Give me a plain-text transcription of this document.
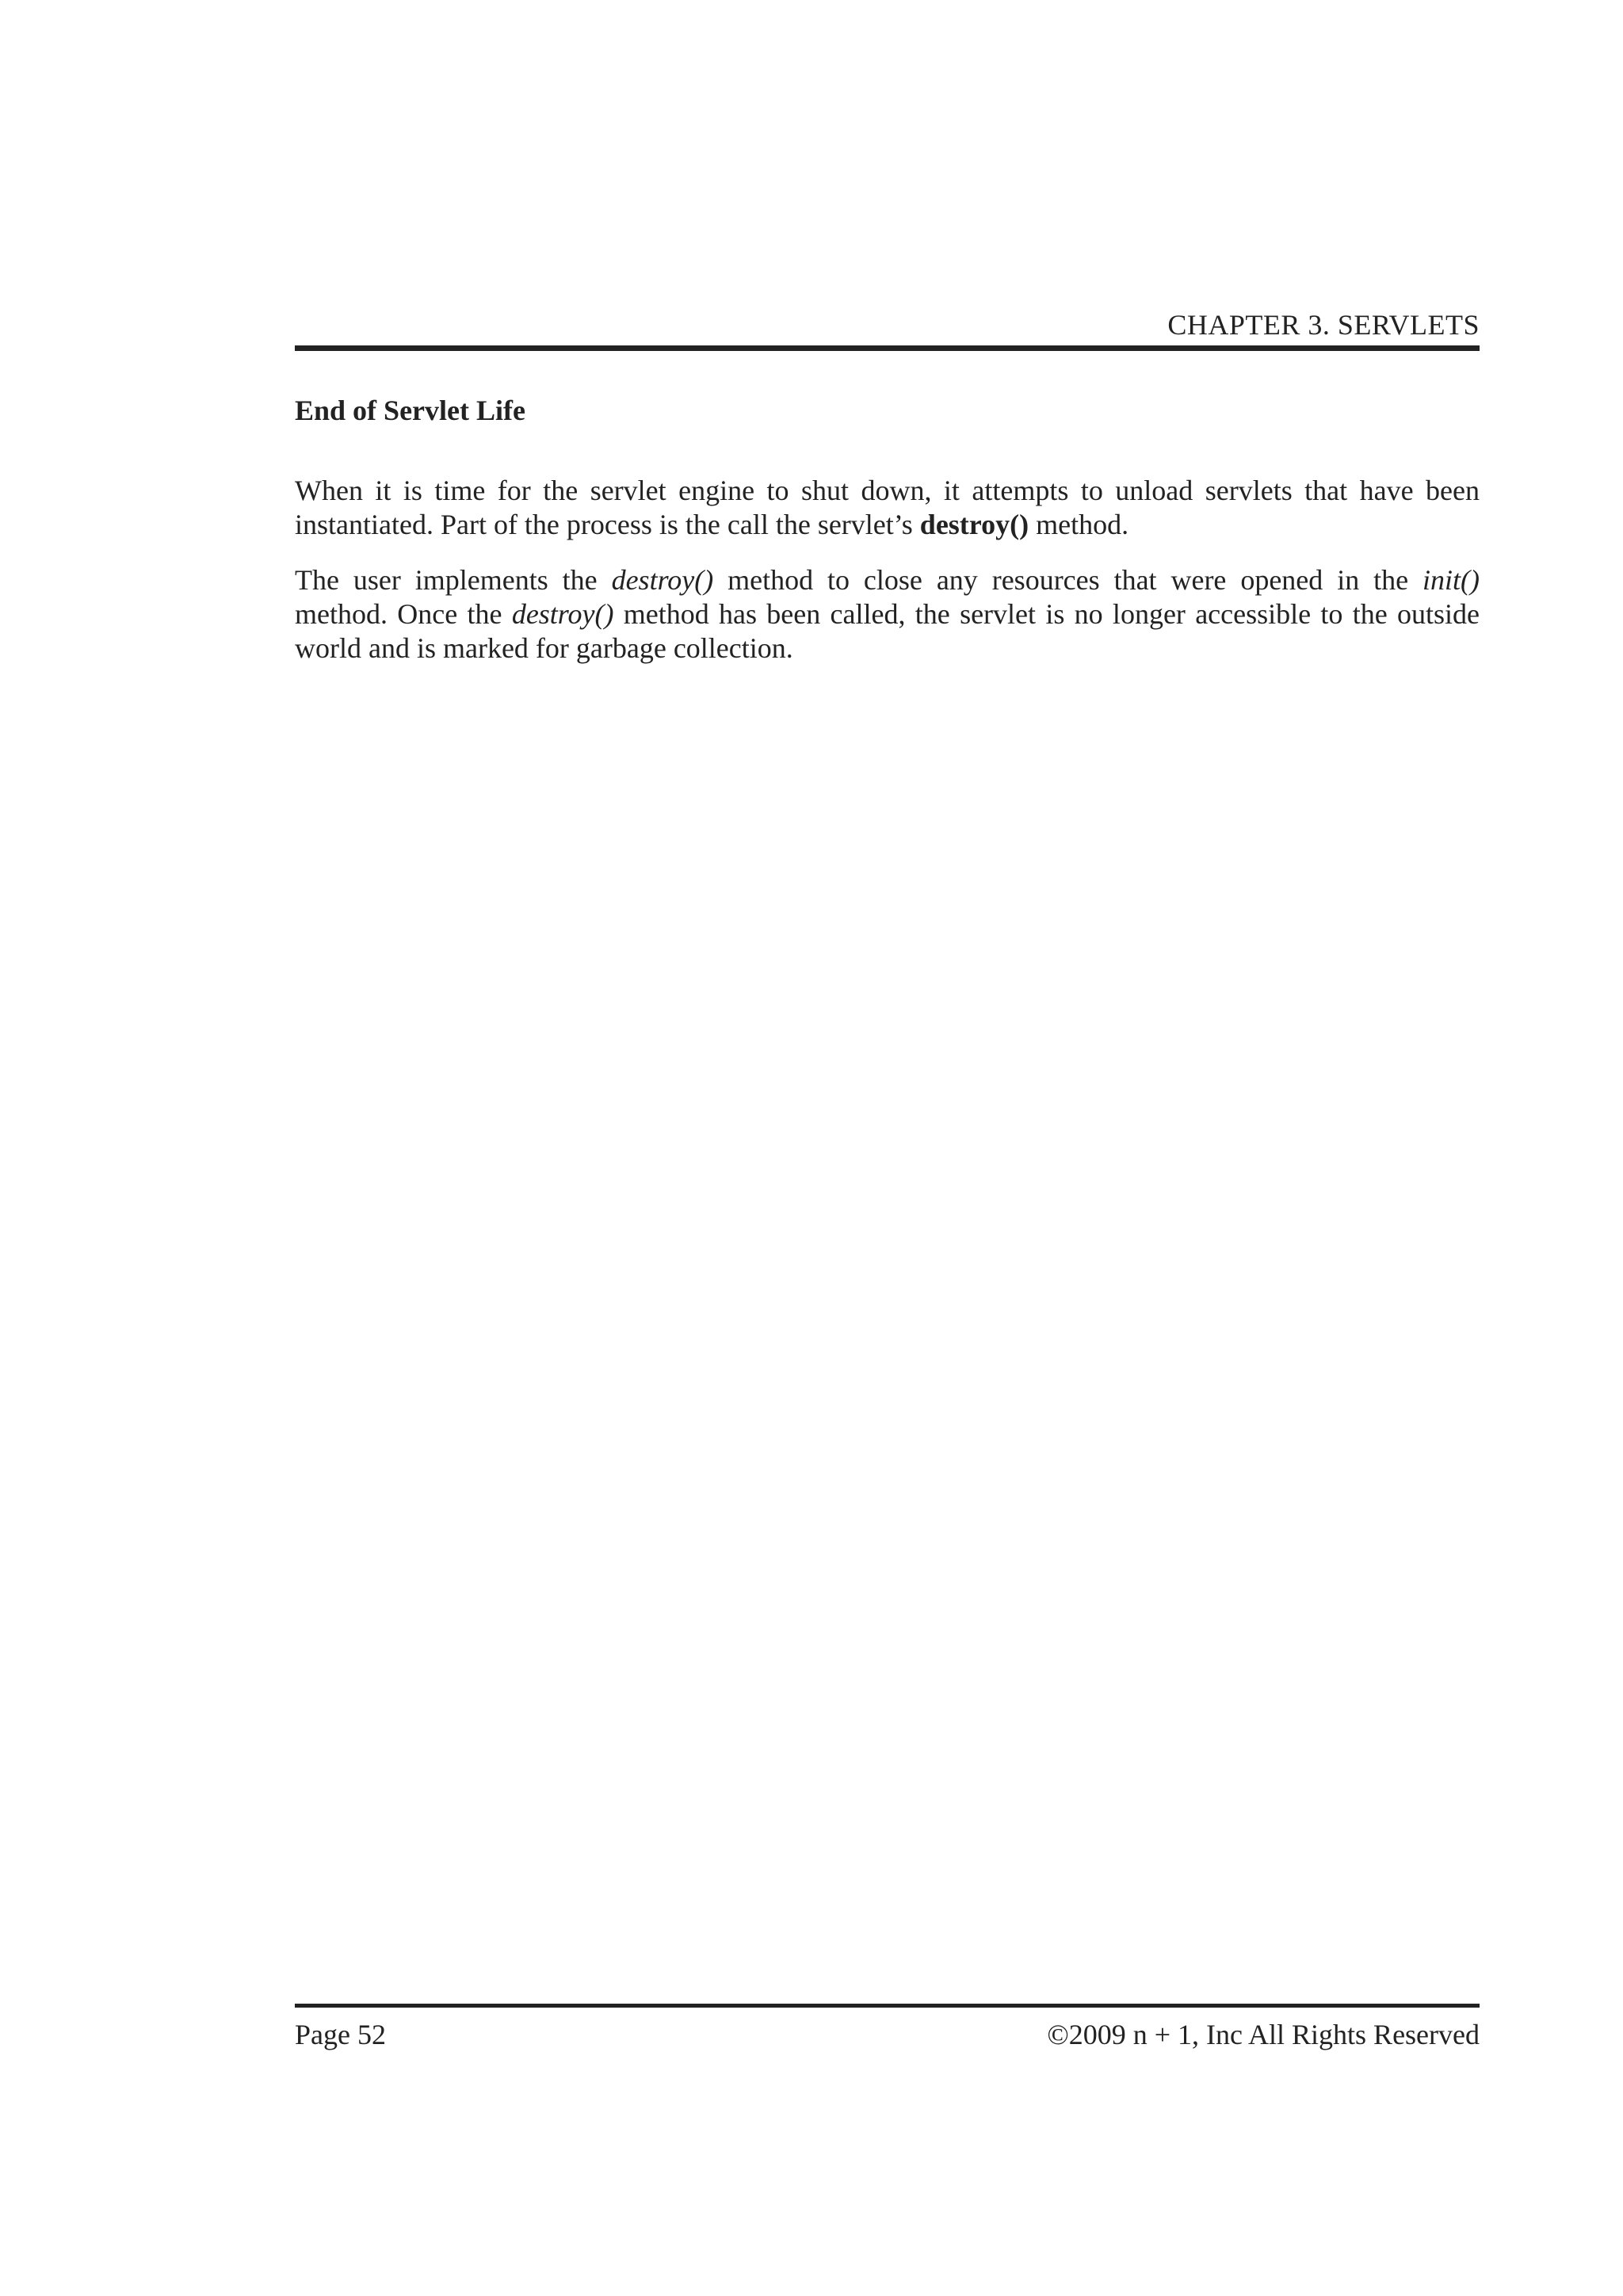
CHAPTER 3. SERVLETS
End of Servlet Life

When it is time for the servlet engine to shut down, it attempts to unload servlets that have been
instantiated. Part of the process is the call the servlet’s destroy() method.

The user implements the destroy() method to close any resources that were opened in the init()
method. Once the destroy() method has been called, the servlet is no longer accessible to the outside
world and is marked for garbage collection.

Page 52	©2009 n + 1, Inc All Rights Reserved
